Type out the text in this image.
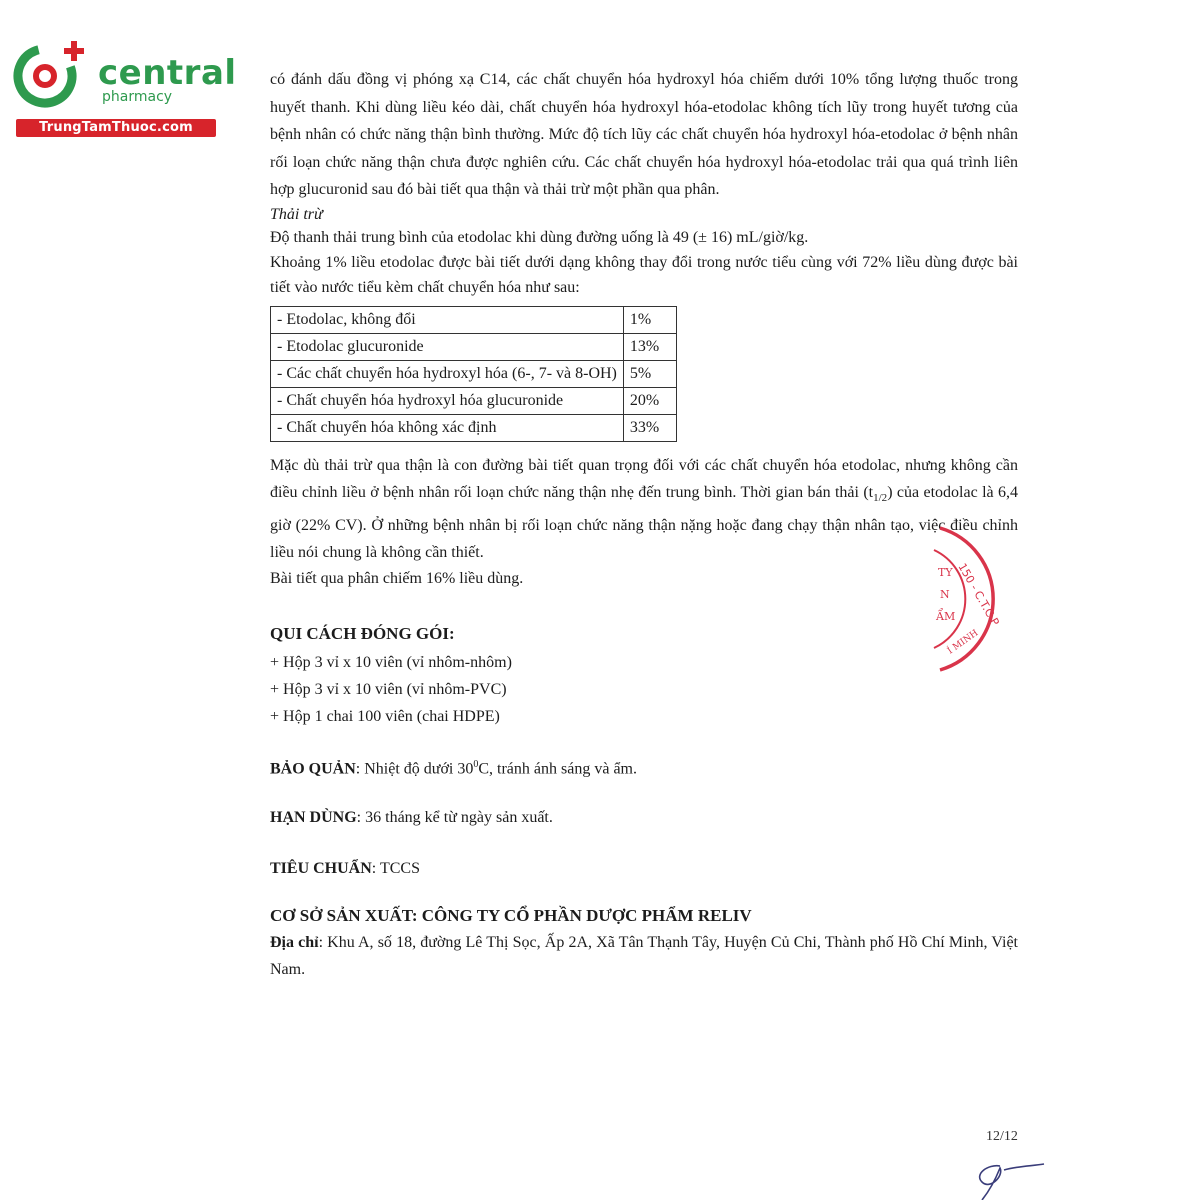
central
pharmacy
TrungTamThuoc.com

có đánh dấu đồng vị phóng xạ C14, các chất chuyển hóa hydroxyl hóa chiếm dưới 10% tổng lượng thuốc trong huyết thanh. Khi dùng liều kéo dài, chất chuyển hóa hydroxyl hóa-etodolac không tích lũy trong huyết tương của bệnh nhân có chức năng thận bình thường. Mức độ tích lũy các chất chuyển hóa hydroxyl hóa-etodolac ở bệnh nhân rối loạn chức năng thận chưa được nghiên cứu. Các chất chuyển hóa hydroxyl hóa-etodolac trải qua quá trình liên hợp glucuronid sau đó bài tiết qua thận và thải trừ một phần qua phân.

Thải trừ

Độ thanh thải trung bình của etodolac khi dùng đường uống là 49 (± 16) mL/giờ/kg.

Khoảng 1% liều etodolac được bài tiết dưới dạng không thay đổi trong nước tiểu cùng với 72% liều dùng được bài tiết vào nước tiểu kèm chất chuyển hóa như sau:

- Etodolac, không đổi	1%
- Etodolac glucuronide	13%
- Các chất chuyển hóa hydroxyl hóa (6-, 7- và 8-OH)	5%
- Chất chuyển hóa hydroxyl hóa glucuronide	20%
- Chất chuyển hóa không xác định	33%

Mặc dù thải trừ qua thận là con đường bài tiết quan trọng đối với các chất chuyển hóa etodolac, nhưng không cần điều chỉnh liều ở bệnh nhân rối loạn chức năng thận nhẹ đến trung bình. Thời gian bán thải $(t_{1/2})$ của etodolac là 6,4 giờ (22% CV). Ở những bệnh nhân bị rối loạn chức năng thận nặng hoặc đang chạy thận nhân tạo, việc điều chỉnh liều nói chung là không cần thiết.

Bài tiết qua phân chiếm 16% liều dùng.

QUI CÁCH ĐÓNG GÓI:

+ Hộp 3 vỉ x 10 viên (vỉ nhôm-nhôm)

+ Hộp 3 vỉ x 10 viên (vỉ nhôm-PVC)

+ Hộp 1 chai 100 viên (chai HDPE)

BẢO QUẢN: Nhiệt độ dưới $30^0C$, tránh ánh sáng và ẩm.

HẠN DÙNG: 36 tháng kể từ ngày sản xuất.

TIÊU CHUẨN: TCCS

CƠ SỞ SẢN XUẤT: CÔNG TY CỔ PHẦN DƯỢC PHẨM RELIV

Địa chỉ: Khu A, số 18, đường Lê Thị Sọc, Ấp 2A, Xã Tân Thạnh Tây, Huyện Củ Chi, Thành phố Hồ Chí Minh, Việt Nam.

150 - C.T.C.P
TY
N
ẨM
Í MINH
12/12
